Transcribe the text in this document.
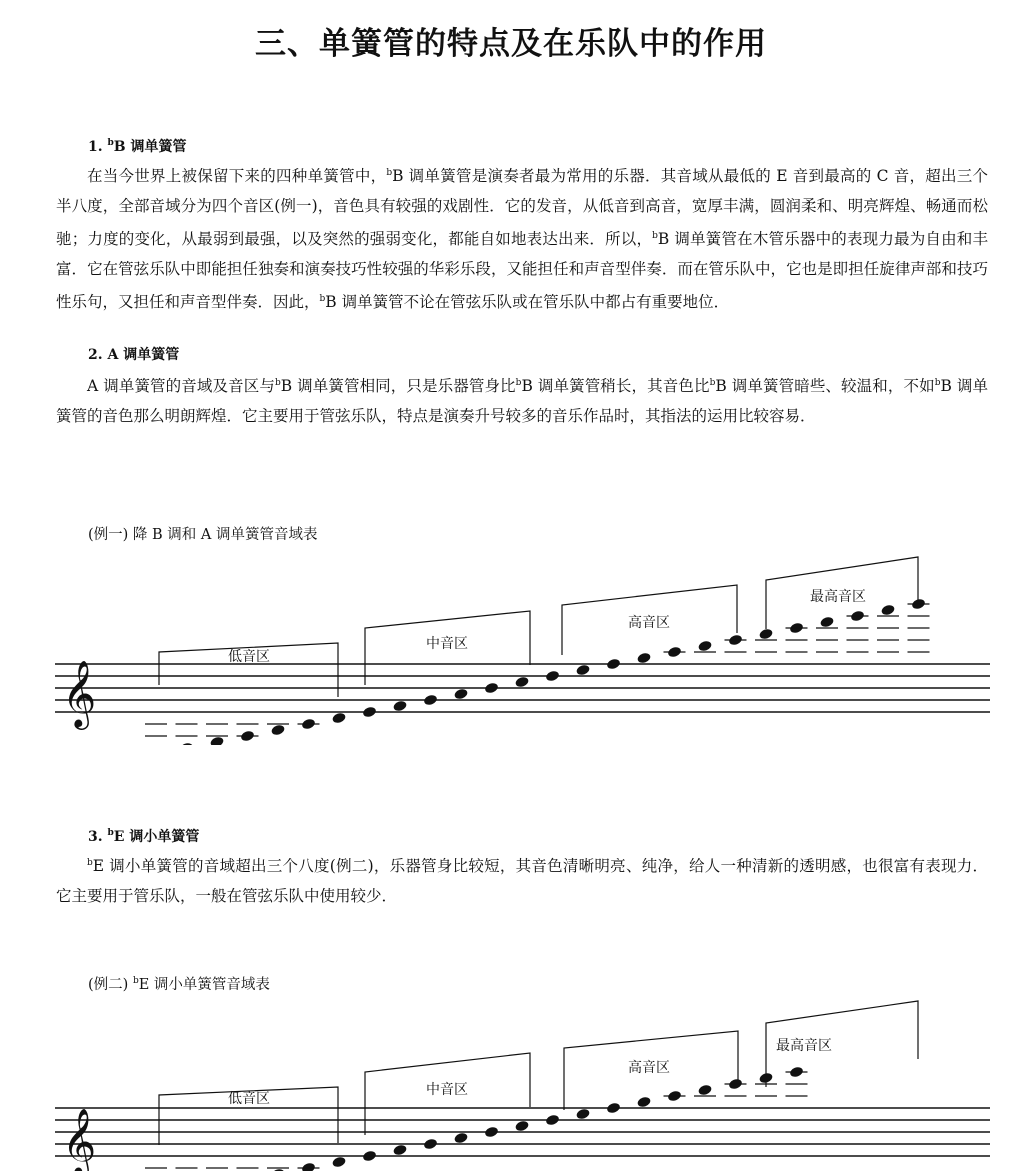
三、单簧管的特点及在乐队中的作用
1. $^b$B 调单簧管

在当今世界上被保留下来的四种单簧管中，$^b$B 调单簧管是演奏者最为常用的乐器．其音域从最低的 E 音到最高的 C 音，超出三个半八度，全部音域分为四个音区(例一)，音色具有较强的戏剧性．它的发音，从低音到高音，宽厚丰满，圆润柔和、明亮辉煌、畅通而松驰；力度的变化，从最弱到最强，以及突然的强弱变化，都能自如地表达出来．所以，$^b$B 调单簧管在木管乐器中的表现力最为自由和丰富．它在管弦乐队中即能担任独奏和演奏技巧性较强的华彩乐段，又能担任和声音型伴奏．而在管乐队中，它也是即担任旋律声部和技巧性乐句，又担任和声音型伴奏．因此，$^b$B 调单簧管不论在管弦乐队或在管乐队中都占有重要地位．

2. A 调单簧管

A 调单簧管的音域及音区与$^b$B 调单簧管相同，只是乐器管身比$^b$B 调单簧管稍长，其音色比$^b$B 调单簧管暗些、较温和，不如$^b$B 调单簧管的音色那么明朗辉煌．它主要用于管弦乐队，特点是演奏升号较多的音乐作品时，其指法的运用比较容易．

(例一) 降 B 调和 A 调单簧管音域表
𝄞
低音区
中音区
高音区
最高音区
3. $^b$E 调小单簧管

$^b$E 调小单簧管的音域超出三个八度(例二)，乐器管身比较短，其音色清晰明亮、纯净，给人一种清新的透明感，也很富有表现力．它主要用于管乐队，一般在管弦乐队中使用较少．

(例二) $^b$E 调小单簧管音域表
𝄞
低音区
中音区
高音区
最高音区
